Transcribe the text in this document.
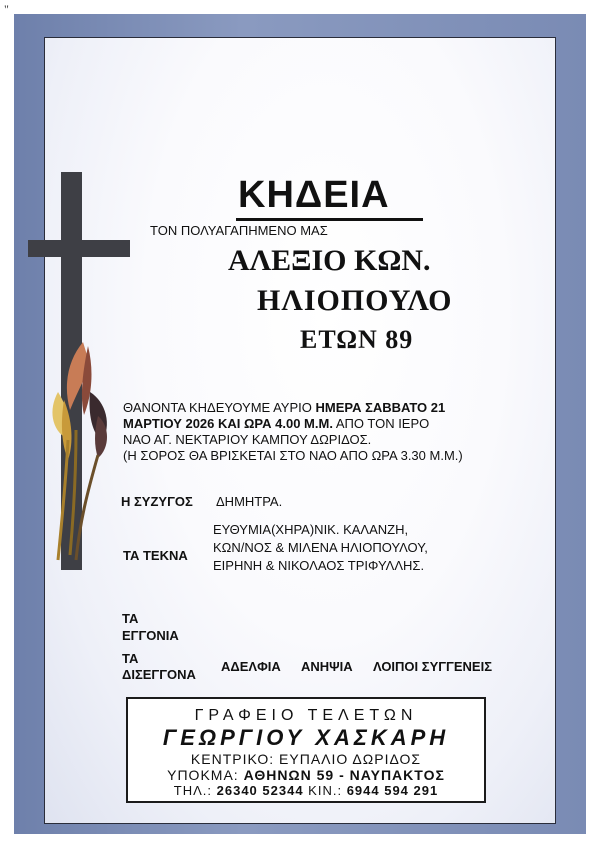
"
ΚΗΔΕΙΑ
ΤΟΝ ΠΟΛΥΑΓΑΠΗΜΕΝΟ ΜΑΣ
ΑΛΕΞΙΟ ΚΩΝ.
ΗΛΙΟΠΟΥΛΟ
ΕΤΩΝ 89
ΘΑΝΟΝΤΑ ΚΗΔΕΥΟΥΜΕ ΑΥΡΙΟ ΗΜΕΡΑ ΣΑΒΒΑΤΟ 21
ΜΑΡΤΙΟΥ 2026 ΚΑΙ ΩΡΑ 4.00 Μ.Μ. ΑΠΟ ΤΟΝ ΙΕΡΟ
ΝΑΟ ΑΓ. ΝΕΚΤΑΡΙΟΥ ΚΑΜΠΟΥ ΔΩΡΙΔΟΣ.
(Η ΣΟΡΟΣ ΘΑ ΒΡΙΣΚΕΤΑΙ ΣΤΟ ΝΑΟ ΑΠΟ ΩΡΑ 3.30 Μ.Μ.)
Η ΣΥΖΥΓΟΣ ΔΗΜΗΤΡΑ.
ΤΑ ΤΕΚΝΑ
ΕΥΘΥΜΙΑ(ΧΗΡΑ)ΝΙΚ. ΚΑΛΑΝΖΗ,
ΚΩΝ/ΝΟΣ & ΜΙΛΕΝΑ ΗΛΙΟΠΟΥΛΟΥ,
ΕΙΡΗΝΗ & ΝΙΚΟΛΑΟΣ ΤΡΙΦΥΛΛΗΣ.
ΤΑ
ΕΓΓΟΝΙΑ
ΤΑ
ΔΙΣΕΓΓΟΝΑ
ΑΔΕΛΦΙΑ ΑΝΗΨΙΑ ΛΟΙΠΟΙ ΣΥΓΓΕΝΕΙΣ
ΓΡΑΦΕΙΟ ΤΕΛΕΤΩΝ
ΓΕΩΡΓΙΟΥ ΧΑΣΚΑΡΗ
ΚΕΝΤΡΙΚΟ: ΕΥΠΑΛΙΟ ΔΩΡΙΔΟΣ
ΥΠΟΚΜΑ: ΑΘΗΝΩΝ 59 - ΝΑΥΠΑΚΤΟΣ
ΤΗΛ.: 26340 52344 ΚΙΝ.: 6944 594 291
